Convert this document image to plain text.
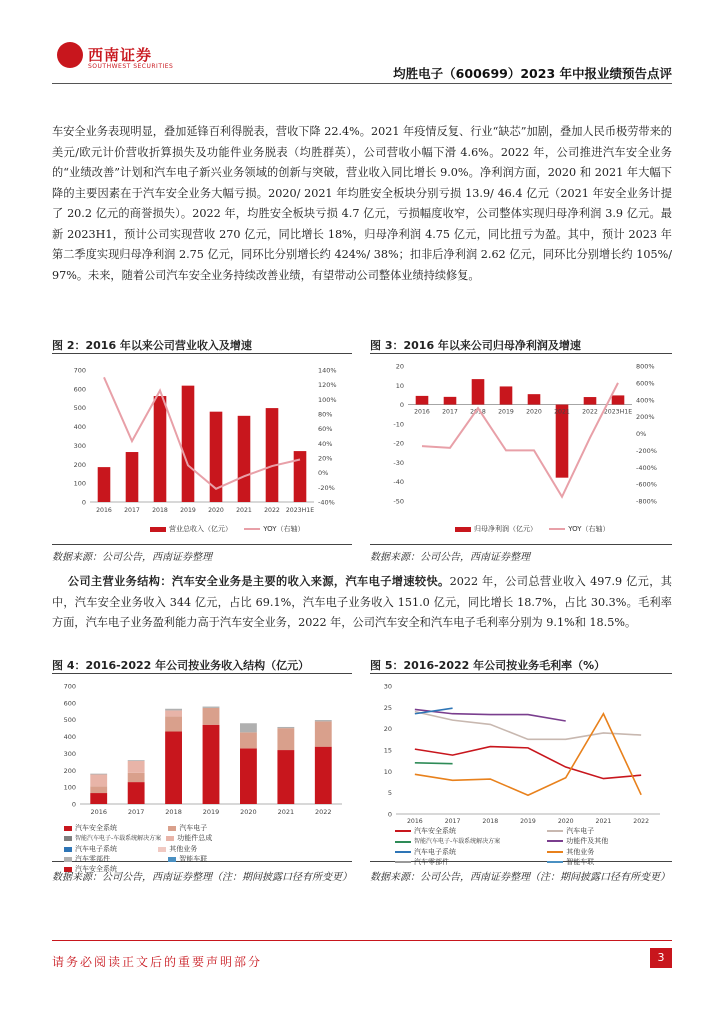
西南证券
SOUTHWEST SECURITIES	均胜电子（600699）2023 年中报业绩预告点评

车安全业务表现明显，叠加延锋百利得脱表，营收下降 22.4%。2021 年疫情反复、行业“缺芯”加剧，叠加人民币极劳带来的美元/欧元计价营收折算损失及功能件业务脱表（均胜群英），公司营收小幅下滑 4.6%。2022 年，公司推进汽车安全业务的“业绩改善”计划和汽车电子新兴业务领域的创新与突破，营业收入同比增长 9.0%。净利润方面，2020 和 2021 年大幅下降的主要因素在于汽车安全业务大幅亏损。2020/ 2021 年均胜安全板块分别亏损 13.9/ 46.4 亿元（2021 年安全业务计提了 20.2 亿元的商誉损失）。2022 年，均胜安全板块亏损 4.7 亿元，亏损幅度收窄，公司整体实现归母净利润 3.9 亿元。最新 2023H1，预计公司实现营收 270 亿元，同比增长 18%，归母净利润 4.75 亿元，同比扭亏为盈。其中，预计 2023 年第二季度实现归母净利润 2.75 亿元，同环比分别增长约 424%/ 38%；扣非后净利润 2.62 亿元，同环比分别增长约 105%/ 97%。未来，随着公司汽车安全业务持续改善业绩，有望带动公司整体业绩持续修复。

图 2：2016 年以来公司营业收入及增速
700
600
500
400
300
200
100
0
140%
120%
100%
80%
60%
40%
20%
0%
-20%
-40%
2016 2017 2018 2019 2020 2021 2022 2023H1E
营业总收入（亿元）	YOY（右轴）
数据来源：公司公告，西南证券整理
图 3：2016 年以来公司归母净利润及增速
20
10
0
-10
-20
-30
-40
-50
800%
600%
400%
200%
0%
-200%
-400%
-600%
-800%
2016 2017 2018 2019 2020 2021 2022 2023H1E
归母净利润（亿元）	YOY（右轴）
数据来源：公司公告，西南证券整理

公司主营业务结构：汽车安全业务是主要的收入来源，汽车电子增速较快。2022 年，公司总营业收入 497.9 亿元，其中，汽车安全业务收入 344 亿元，占比 69.1%，汽车电子业务收入 151.0 亿元，同比增长 18.7%，占比 30.3%。毛利率方面，汽车电子业务盈利能力高于汽车安全业务，2022 年，公司汽车安全和汽车电子毛利率分别为 9.1%和 18.5%。

图 4：2016-2022 年公司按业务收入结构（亿元）
700
600
500
400
300
200
100
0
2016	2017	2018	2019	2020	2021	2022
汽车安全系统	汽车电子 智能汽车电子-车载系统解决方案 功能件总成 汽车电子系统	其他业务 汽车零部件	智能车联 汽车安全系统
数据来源：公司公告，西南证券整理（注：期间披露口径有所变更）
图 5：2016-2022 年公司按业务毛利率（%）
30
25
20
15
10
5
0
2016	2017	2018	2019	2020	2021	2022
汽车安全系统	汽车电子 智能汽车电子-车载系统解决方案	功能件及其他 汽车电子系统	其他业务 汽车零部件	智能车联
数据来源：公司公告，西南证券整理（注：期间披露口径有所变更）
请务必阅读正文后的重要声明部分	3
